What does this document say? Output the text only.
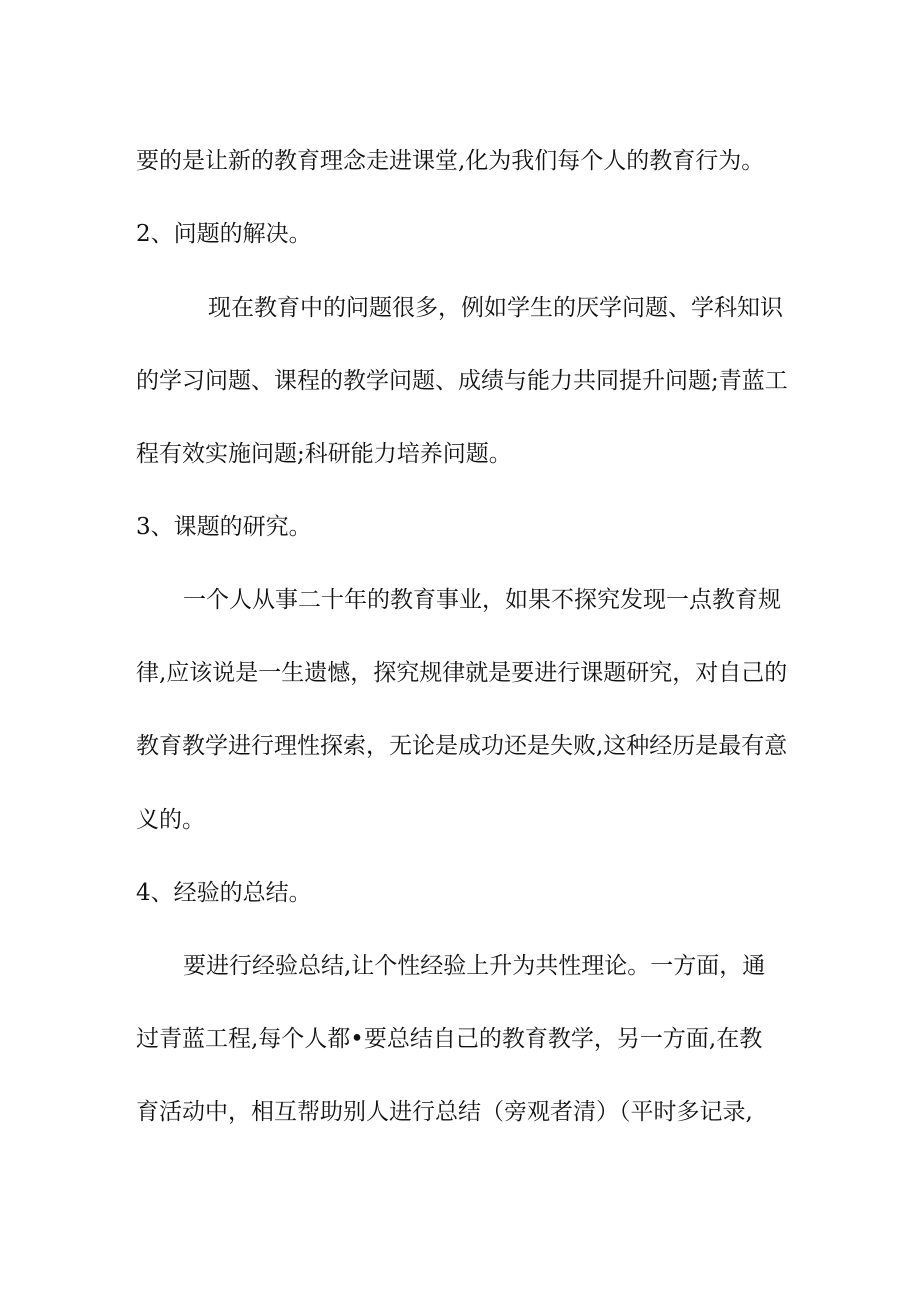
要的是让新的教育理念走进课堂,化为我们每个人的教育行为。
2、问题的解决。
现在教育中的问题很多，例如学生的厌学问题、学科知识
的学习问题、课程的教学问题、成绩与能力共同提升问题;青蓝工
程有效实施问题;科研能力培养问题。
3、课题的研究。
一个人从事二十年的教育事业，如果不探究发现一点教育规
律,应该说是一生遗憾，探究规律就是要进行课题研究，对自己的
教育教学进行理性探索，无论是成功还是失败,这种经历是最有意
义的。
4、经验的总结。
要进行经验总结,让个性经验上升为共性理论。一方面，通
过青蓝工程,每个人都•要总结自己的教育教学，另一方面,在教
育活动中，相互帮助别人进行总结（旁观者清）（平时多记录,
